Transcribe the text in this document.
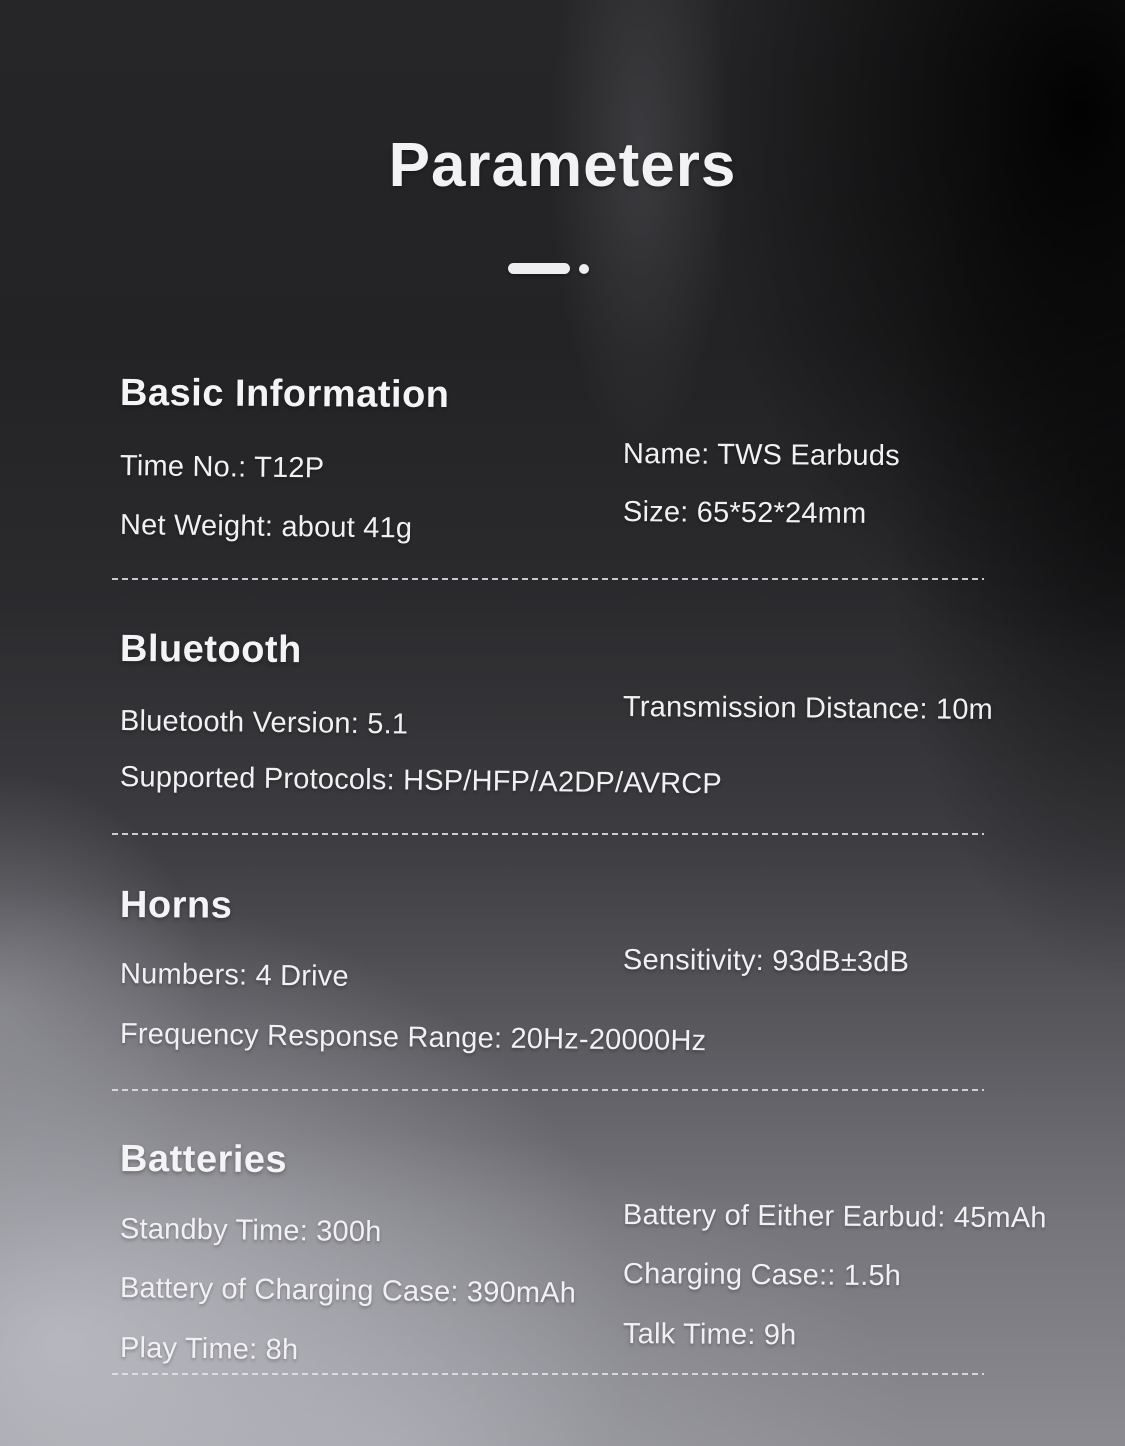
Parameters
Basic Information

Time No.: T12P

Net Weight: about 41g

Name: TWS Earbuds

Size: 65*52*24mm

Bluetooth

Bluetooth Version: 5.1

Supported Protocols: HSP/HFP/A2DP/AVRCP

Transmission Distance: 10m

Horns

Numbers: 4 Drive

Frequency Response Range: 20Hz-20000Hz

Sensitivity: 93dB±3dB

Batteries

Standby Time: 300h

Battery of Charging Case: 390mAh

Play Time: 8h

Battery of Either Earbud: 45mAh

Charging Case:: 1.5h

Talk Time: 9h
